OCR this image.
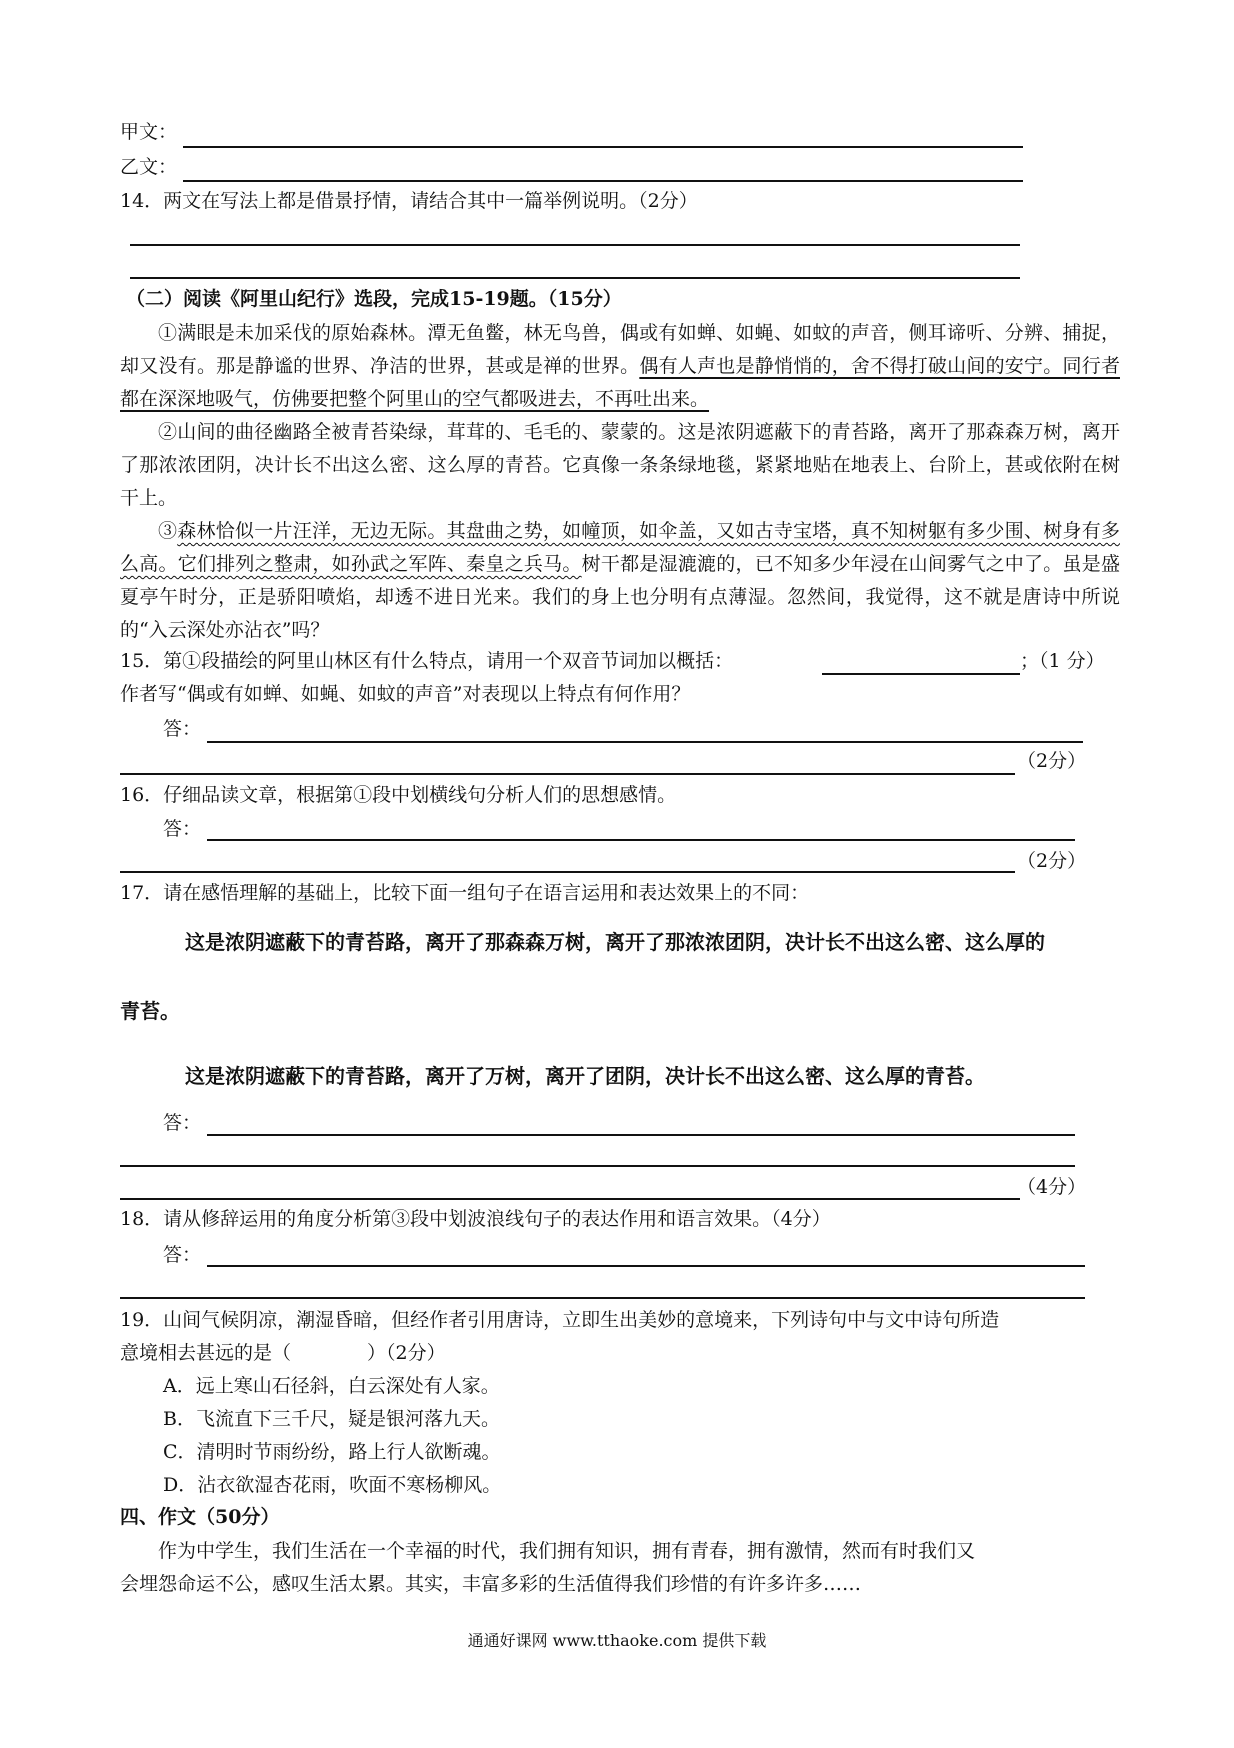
甲文：
乙文：
14．两文在写法上都是借景抒情，请结合其中一篇举例说明。（2分）
（二）阅读《阿里山纪行》选段，完成15-19题。（15分）
①满眼是未加采伐的原始森林。潭无鱼鳖，林无鸟兽，偶或有如蝉、如蝇、如蚊的声音，侧耳谛听、分辨、捕捉，却又没有。那是静谧的世界、净洁的世界，甚或是禅的世界。偶有人声也是静悄悄的，舍不得打破山间的安宁。同行者都在深深地吸气，仿佛要把整个阿里山的空气都吸进去，不再吐出来。
②山间的曲径幽路全被青苔染绿，茸茸的、毛毛的、蒙蒙的。这是浓阴遮蔽下的青苔路，离开了那森森万树，离开了那浓浓团阴，决计长不出这么密、这么厚的青苔。它真像一条条绿地毯，紧紧地贴在地表上、台阶上，甚或依附在树干上。
③森林恰似一片汪洋，无边无际。其盘曲之势，如幢顶，如伞盖，又如古寺宝塔，真不知树躯有多少围、树身有多么高。它们排列之整肃，如孙武之军阵、秦皇之兵马。树干都是湿漉漉的，已不知多少年浸在山间雾气之中了。虽是盛夏亭午时分，正是骄阳喷焰，却透不进日光来。我们的身上也分明有点薄湿。忽然间，我觉得，这不就是唐诗中所说的“入云深处亦沾衣”吗？
15．第①段描绘的阿里山林区有什么特点，请用一个双音节词加以概括：	；（1 分）
作者写“偶或有如蝉、如蝇、如蚊的声音”对表现以上特点有何作用？
答：
（2分）
16．仔细品读文章，根据第①段中划横线句分析人们的思想感情。
答：
（2分）
17．请在感悟理解的基础上，比较下面一组句子在语言运用和表达效果上的不同：
这是浓阴遮蔽下的青苔路，离开了那森森万树，离开了那浓浓团阴，决计长不出这么密、这么厚的
青苔。
这是浓阴遮蔽下的青苔路，离开了万树，离开了团阴，决计长不出这么密、这么厚的青苔。
答：
（4分）
18．请从修辞运用的角度分析第③段中划波浪线句子的表达作用和语言效果。（4分）
答：
19．山间气候阴凉，潮湿昏暗，但经作者引用唐诗，立即生出美妙的意境来，下列诗句中与文中诗句所造
意境相去甚远的是（　　　　）（2分）
A．远上寒山石径斜，白云深处有人家。
B．飞流直下三千尺，疑是银河落九天。
C．清明时节雨纷纷，路上行人欲断魂。
D．沾衣欲湿杏花雨，吹面不寒杨柳风。
四、作文（50分）
作为中学生，我们生活在一个幸福的时代，我们拥有知识，拥有青春，拥有激情，然而有时我们又
会埋怨命运不公，感叹生活太累。其实，丰富多彩的生活值得我们珍惜的有许多许多……
通通好课网 www.tthaoke.com 提供下载
